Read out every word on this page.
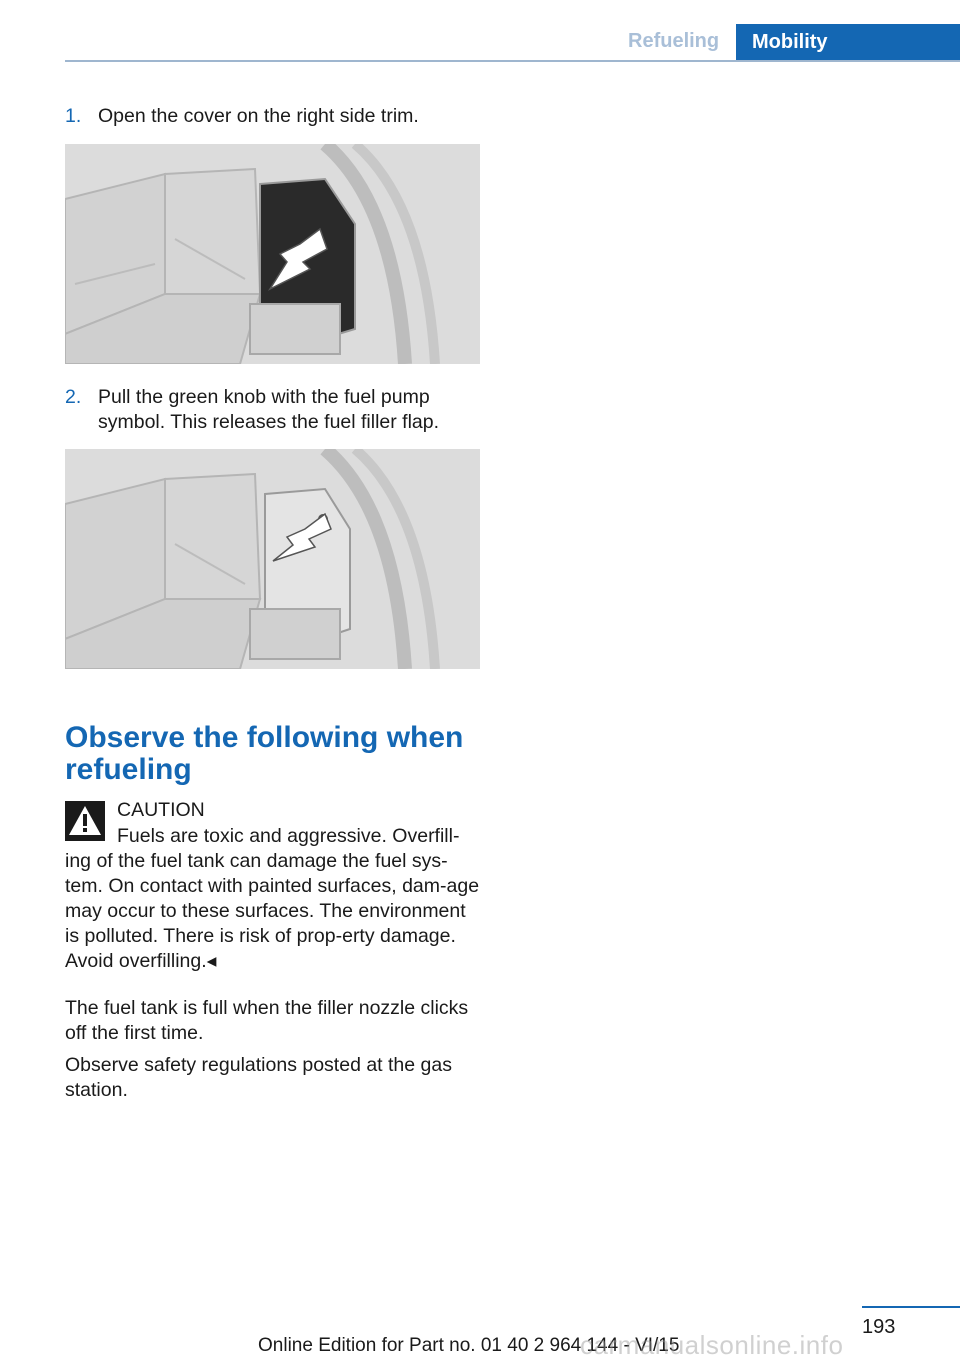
Refueling	Mobility
1. Open the cover on the right side trim.
2. Pull the green knob with the fuel pump symbol. This releases the fuel filler flap.
Observe the following when refueling
CAUTION
Fuels are toxic and aggressive. Overfill-
ing of the fuel tank can damage the fuel sys-tem. On contact with painted surfaces, dam-age may occur to these surfaces. The environment is polluted. There is risk of prop-erty damage. Avoid overfilling.◂
The fuel tank is full when the filler nozzle clicks off the first time.
Observe safety regulations posted at the gas station.
193
Online Edition for Part no. 01 40 2 964 144 - VI/15
carmanualsonline.info
